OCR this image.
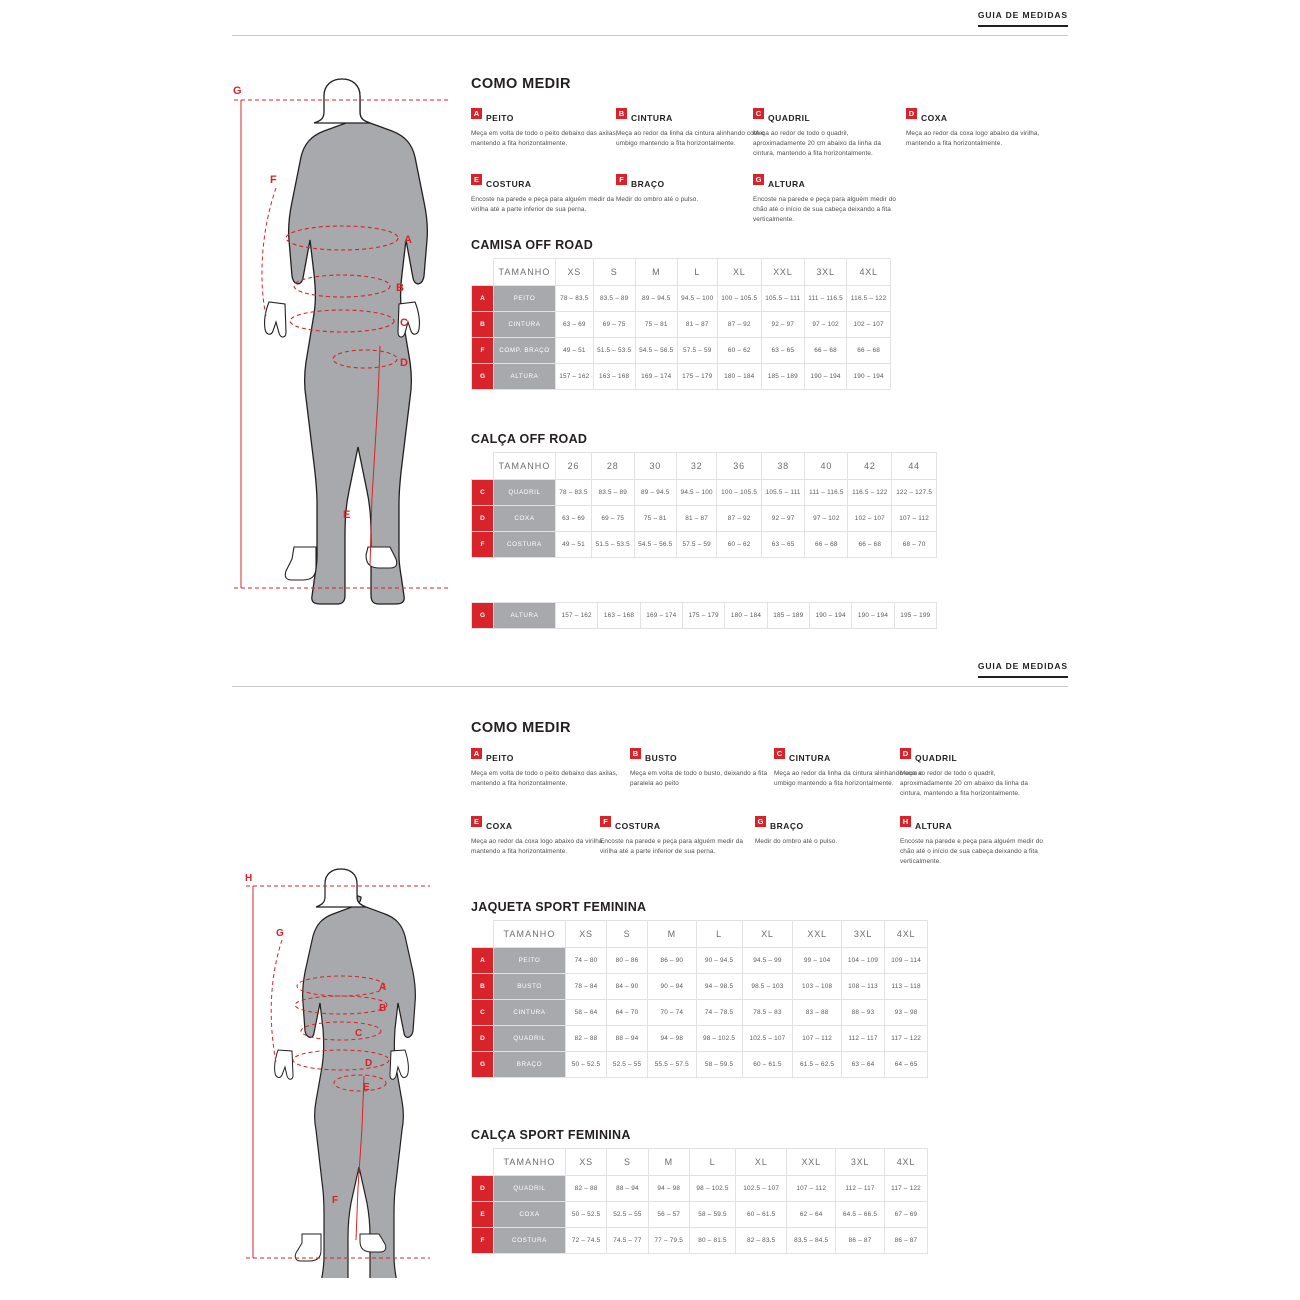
GUIA DE MEDIDAS
G
F
A
B
C
D
E
COMO MEDIR
A PEITO
Meça em volta de todo o peito debaixo das axilas, mantendo a fita horizontalmente.
B CINTURA
Meça ao redor da linha da cintura alinhando com o umbigo mantendo a fita horizontalmente.
C QUADRIL
Meça ao redor de todo o quadril, aproximadamente 20 cm abaixo da linha da cintura, mantendo a fita horizontalmente.
D COXA
Meça ao redor da coxa logo abaixo da virilha, mantendo a fita horizontalmente.
E COSTURA
Encoste na parede e peça para alguém medir da virilha até a parte inferior de sua perna.
F BRAÇO
Medir do ombro até o pulso.
G ALTURA
Encoste na parede e peça para alguém medir do chão até o início de sua cabeça deixando a fita verticalmente.
CAMISA OFF ROAD
	TAMANHO	XS	S	M	L	XL	XXL	3XL	4XL
A	PEITO	78 – 83.5	83.5 – 89	89 – 94.5	94.5 – 100	100 – 105.5	105.5 – 111	111 – 116.5	116.5 – 122
B	CINTURA	63 – 69	69 – 75	75 – 81	81 – 87	87 – 92	92 – 97	97 – 102	102 – 107
F	COMP. BRAÇO	49 – 51	51.5 – 53.5	54.5 – 56.5	57.5 – 59	60 – 62	63 – 65	66 – 68	66 – 68
G	ALTURA	157 – 162	163 – 168	169 – 174	175 – 179	180 – 184	185 – 189	190 – 194	190 – 194
CALÇA OFF ROAD
	TAMANHO	26	28	30	32	36	38	40	42	44
C	QUADRIL	78 – 83.5	83.5 – 89	89 – 94.5	94.5 – 100	100 – 105.5	105.5 – 111	111 – 116.5	116.5 – 122	122 – 127.5
D	COXA	63 – 69	69 – 75	75 – 81	81 – 87	87 – 92	92 – 97	97 – 102	102 – 107	107 – 112
F	COSTURA	49 – 51	51.5 – 53.5	54.5 – 56.5	57.5 – 59	60 – 62	63 – 65	66 – 68	66 – 68	68 – 70
G	ALTURA	157 – 162	163 – 168	169 – 174	175 – 179	180 – 184	185 – 189	190 – 194	190 – 194	195 – 199
GUIA DE MEDIDAS
H
G
A
B
C
D
E
F
COMO MEDIR
A PEITO
Meça em volta de todo o peito debaixo das axilas, mantendo a fita horizontalmente.
B BUSTO
Meça em volta de todo o busto, deixando a fita paralela ao peito
C CINTURA
Meça ao redor da linha da cintura alinhando com o umbigo mantendo a fita horizontalmente.
D QUADRIL
Meça ao redor de todo o quadril, aproximadamente 20 cm abaixo da linha da cintura, mantendo a fita horizontalmente.
E COXA
Meça ao redor da coxa logo abaixo da virilha, mantendo a fita horizontalmente.
F COSTURA
Encoste na parede e peça para alguém medir da virilha até a parte inferior de sua perna.
G BRAÇO
Medir do ombro até o pulso.
H ALTURA
Encoste na parede e peça para alguém medir do chão até o início de sua cabeça deixando a fita verticalmente.
JAQUETA SPORT FEMININA
	TAMANHO	XS	S	M	L	XL	XXL	3XL	4XL
A	PEITO	74 – 80	80 – 86	86 – 90	90 – 94.5	94.5 – 99	99 – 104	104 – 109	109 – 114
B	BUSTO	78 – 84	84 – 90	90 – 94	94 – 98.5	98.5 – 103	103 – 108	108 – 113	113 – 118
C	CINTURA	58 – 64	64 – 70	70 – 74	74 – 78.5	78.5 – 83	83 – 88	88 – 93	93 – 98
D	QUADRIL	82 – 88	88 – 94	94 – 98	98 – 102.5	102.5 – 107	107 – 112	112 – 117	117 – 122
G	BRAÇO	50 – 52.5	52.5 – 55	55.5 – 57.5	58 – 59.5	60 – 61.5	61.5 – 62.5	63 – 64	64 – 65
CALÇA SPORT FEMININA
	TAMANHO	XS	S	M	L	XL	XXL	3XL	4XL
D	QUADRIL	82 – 88	88 – 94	94 – 98	98 – 102.5	102.5 – 107	107 – 112	112 – 117	117 – 122
E	COXA	50 – 52.5	52.5 – 55	56 – 57	58 – 59.5	60 – 61.5	62 – 64	64.5 – 66.5	67 – 69
F	COSTURA	72 – 74.5	74.5 – 77	77 – 79.5	80 – 81.5	82 – 83.5	83.5 – 84.5	86 – 87	86 – 87
